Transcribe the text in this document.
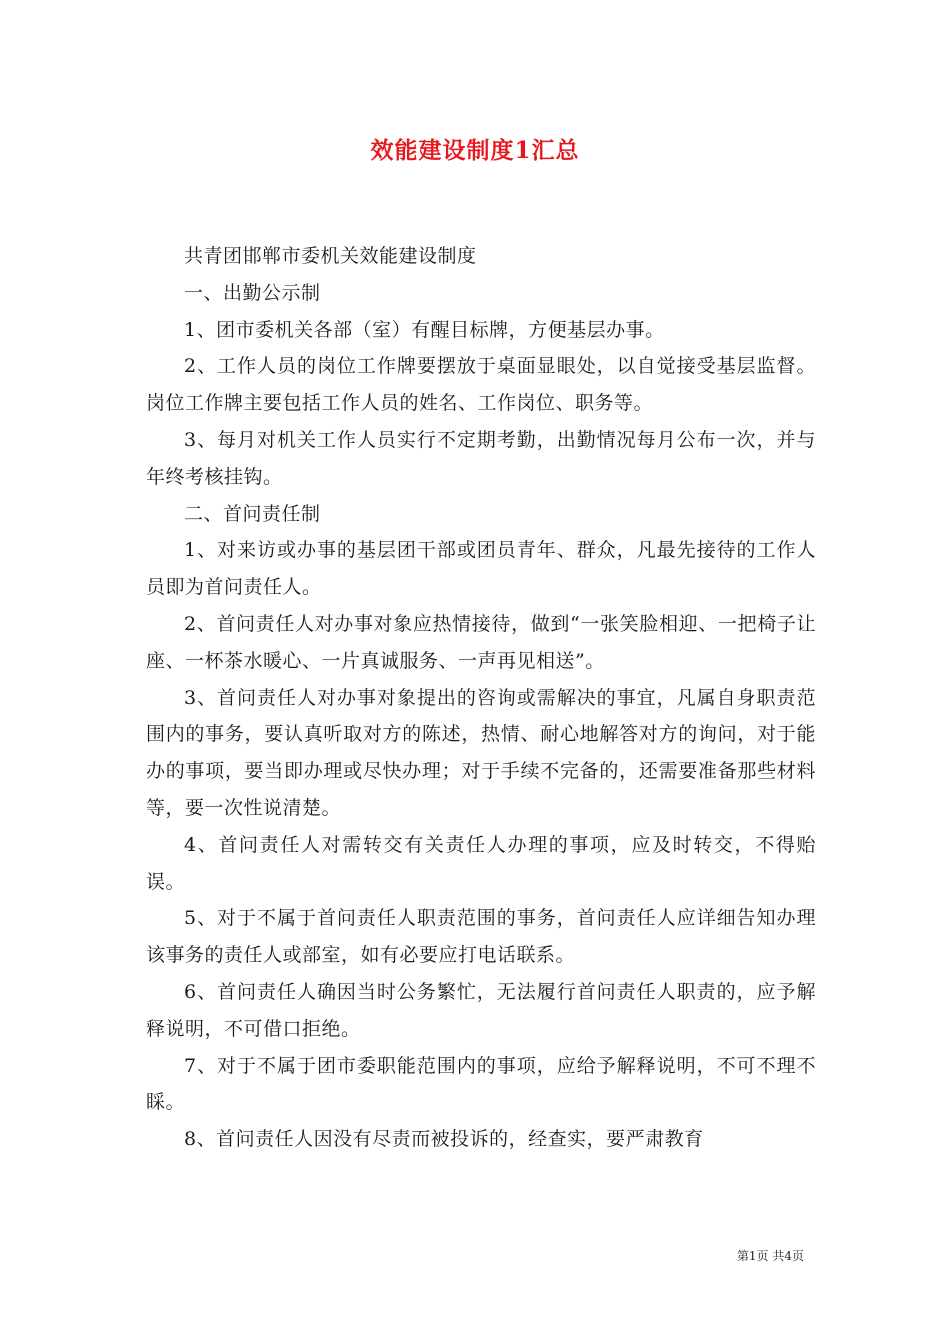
效能建设制度1汇总

共青团邯郸市委机关效能建设制度

一、出勤公示制

1、团市委机关各部（室）有醒目标牌，方便基层办事。

2、工作人员的岗位工作牌要摆放于桌面显眼处，以自觉接受基层监督。岗位工作牌主要包括工作人员的姓名、工作岗位、职务等。

3、每月对机关工作人员实行不定期考勤，出勤情况每月公布一次，并与年终考核挂钩。

二、首问责任制

1、对来访或办事的基层团干部或团员青年、群众，凡最先接待的工作人员即为首问责任人。

2、首问责任人对办事对象应热情接待，做到“一张笑脸相迎、一把椅子让座、一杯茶水暖心、一片真诚服务、一声再见相送”。

3、首问责任人对办事对象提出的咨询或需解决的事宜，凡属自身职责范围内的事务，要认真听取对方的陈述，热情、耐心地解答对方的询问，对于能办的事项，要当即办理或尽快办理；对于手续不完备的，还需要准备那些材料等，要一次性说清楚。

4、首问责任人对需转交有关责任人办理的事项，应及时转交，不得贻误。

5、对于不属于首问责任人职责范围的事务，首问责任人应详细告知办理该事务的责任人或部室，如有必要应打电话联系。

6、首问责任人确因当时公务繁忙，无法履行首问责任人职责的，应予解释说明，不可借口拒绝。

7、对于不属于团市委职能范围内的事项，应给予解释说明，不可不理不睬。

8、首问责任人因没有尽责而被投诉的，经查实，要严肃教育

第1页 共4页
